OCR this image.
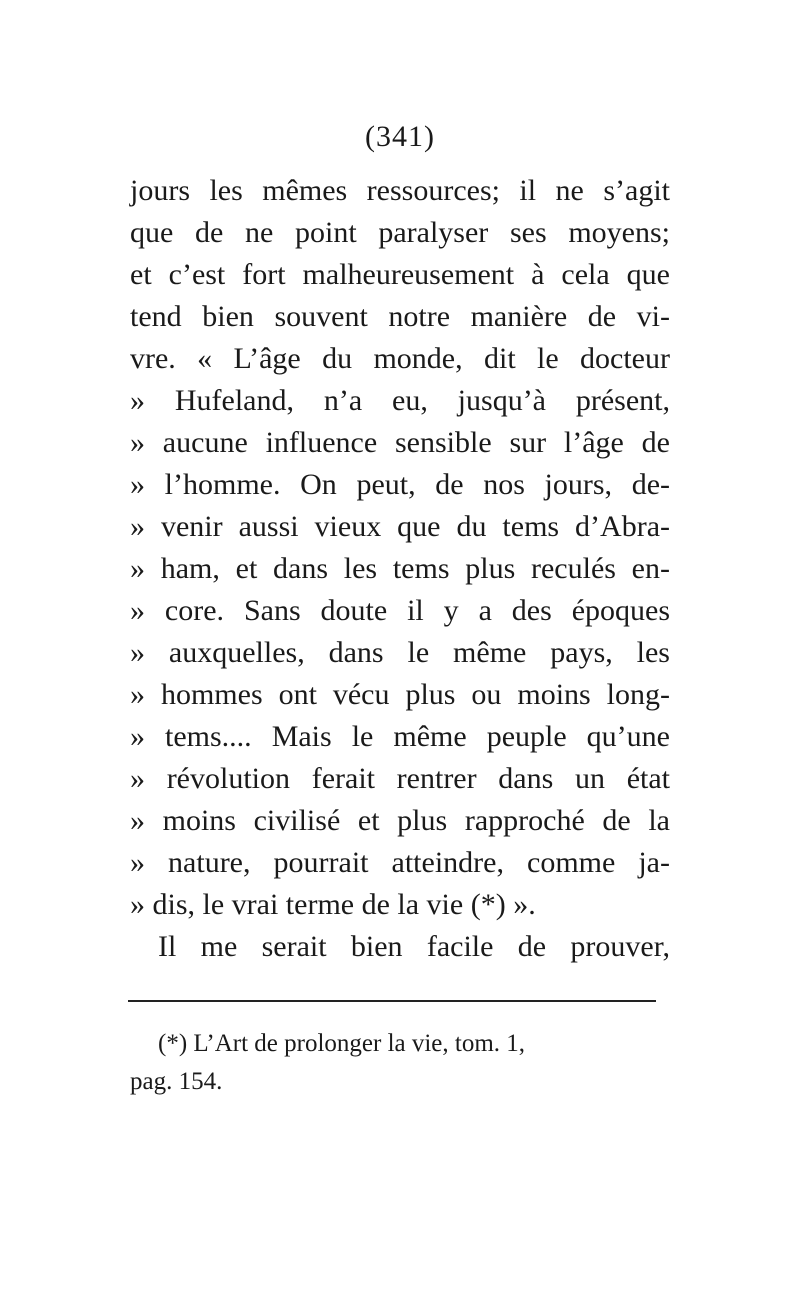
(341)
jours les mêmes ressources; il ne s’agit
que de ne point paralyser ses moyens;
et c’est fort malheureusement à cela que
tend bien souvent notre manière de vi-
vre. « L’âge du monde, dit le docteur
» Hufeland, n’a eu, jusqu’à présent,
» aucune influence sensible sur l’âge de
» l’homme. On peut, de nos jours, de-
» venir aussi vieux que du tems d’Abra-
» ham, et dans les tems plus reculés en-
» core. Sans doute il y a des époques
» auxquelles, dans le même pays, les
» hommes ont vécu plus ou moins long-
» tems.... Mais le même peuple qu’une
» révolution ferait rentrer dans un état
» moins civilisé et plus rapproché de la
» nature, pourrait atteindre, comme ja-
» dis, le vrai terme de la vie (*) ».
Il me serait bien facile de prouver,
(*) L’Art de prolonger la vie, tom. 1,
pag. 154.
